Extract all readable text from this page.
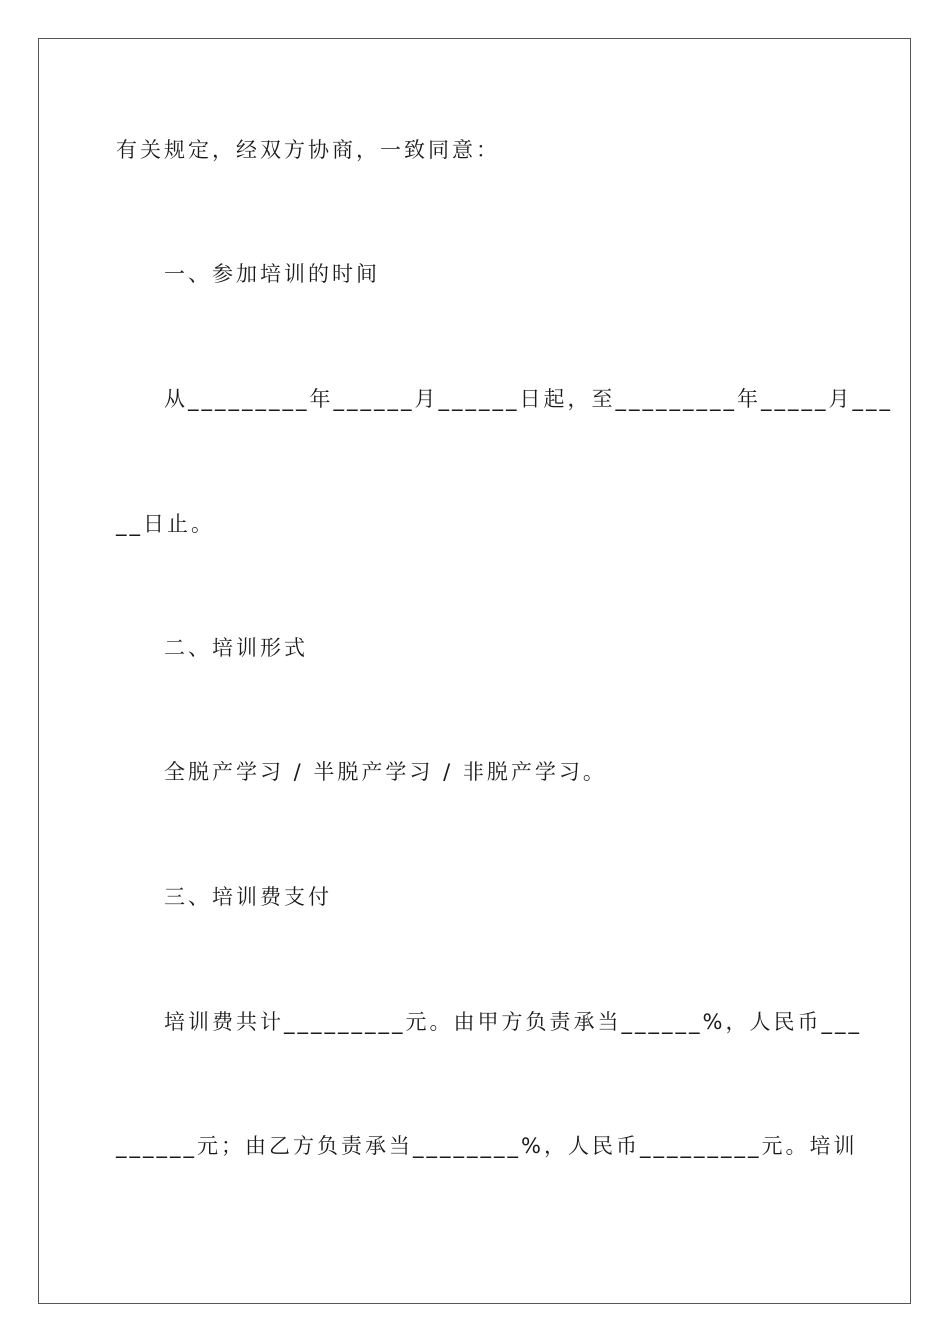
有关规定，经双方协商，一致同意：
一、参加培训的时间
从_________年______月______日起，至_________年_____月___
__日止。
二、培训形式
全脱产学习 / 半脱产学习 / 非脱产学习。
三、培训费支付
培训费共计_________元。由甲方负责承当______%，人民币___
______元；由乙方负责承当________%，人民币_________元。培训
